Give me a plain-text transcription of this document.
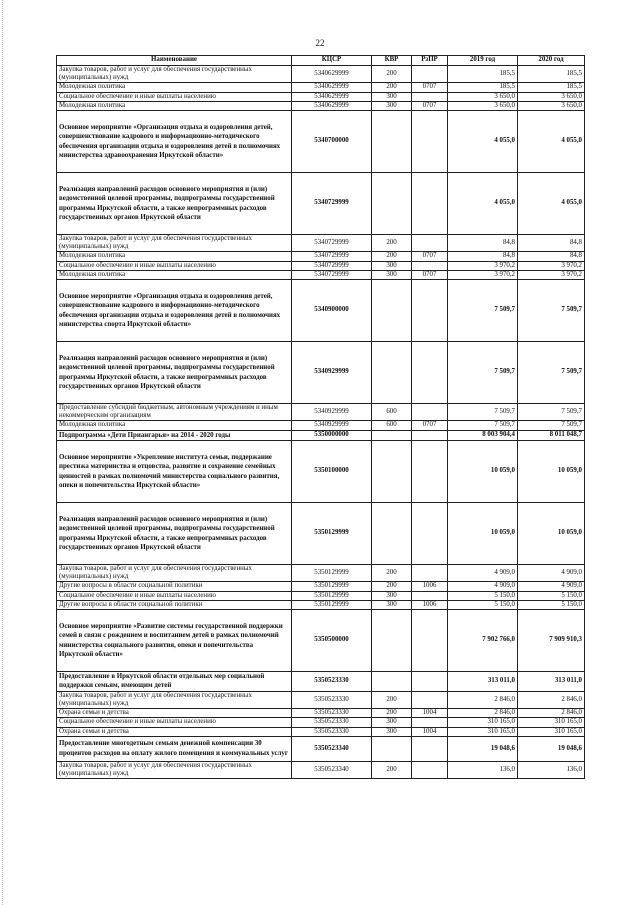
22
Наименование	КЦСР	КВР	РзПР	2019 год	2020 год
Закупка товаров, работ и услуг для обеспечения государственных (муниципальных) нужд	5340629999	200		185,5	185,5
Молодежная политика	5340629999	200	0707	185,5	185,5
Социальное обеспечение и иные выплаты населению	5340629999	300		3 650,0	3 650,0
Молодежная политика	5340629999	300	0707	3 650,0	3 650,0
Основное мероприятие «Организация отдыха и оздоровления детей, совершенствование кадрового и информационно-методического обеспечения организации отдыха и оздоровления детей в полномочиях министерства здравоохранения Иркутской области»	5340700000			4 055,0	4 055,0
Реализация направлений расходов основного мероприятия и (или) ведомственной целевой программы, подпрограммы государственной программы Иркутской области, а также непрограммных расходов государственных органов Иркутской области	5340729999			4 055,0	4 055,0
Закупка товаров, работ и услуг для обеспечения государственных (муниципальных) нужд	5340729999	200		84,8	84,8
Молодежная политика	5340729999	200	0707	84,8	84,8
Социальное обеспечение и иные выплаты населению	5340729999	300		3 970,2	3 970,2
Молодежная политика	5340729999	300	0707	3 970,2	3 970,2
Основное мероприятие «Организация отдыха и оздоровления детей, совершенствование кадрового и информационно-методического обеспечения организации отдыха и оздоровления детей в полномочиях министерства спорта Иркутской области»	5340900000			7 509,7	7 509,7
Реализация направлений расходов основного мероприятия и (или) ведомственной целевой программы, подпрограммы государственной программы Иркутской области, а также непрограммных расходов государственных органов Иркутской области	5340929999			7 509,7	7 509,7
Предоставление субсидий бюджетным, автономным учреждениям и иным некоммерческим организациям	5340929999	600		7 509,7	7 509,7
Молодежная политика	5340929999	600	0707	7 509,7	7 509,7
Подпрограмма «Дети Приангарья» на 2014 - 2020 годы	5350000000			8 003 904,4	8 011 048,7
Основное мероприятие «Укрепление института семьи, поддержание престижа материнства и отцовства, развитие и сохранение семейных ценностей в рамках полномочий министерства социального развития, опеки и попечительства Иркутской области»	5350100000			10 059,0	10 059,0
Реализация направлений расходов основного мероприятия и (или) ведомственной целевой программы, подпрограммы государственной программы Иркутской области, а также непрограммных расходов государственных органов Иркутской области	5350129999			10 059,0	10 059,0
Закупка товаров, работ и услуг для обеспечения государственных (муниципальных) нужд	5350129999	200		4 909,0	4 909,0
Другие вопросы в области социальной политики	5350129999	200	1006	4 909,0	4 909,0
Социальное обеспечение и иные выплаты населению	5350129999	300		5 150,0	5 150,0
Другие вопросы в области социальной политики	5350129999	300	1006	5 150,0	5 150,0
Основное мероприятие «Развитие системы государственной поддержки семей в связи с рождением и воспитанием детей в рамках полномочий министерства социального развития, опеки и попечительства Иркутской области»	5350500000			7 902 766,0	7 909 910,3
Предоставление в Иркутской области отдельных мер социальной поддержки семьям, имеющим детей	5350523330			313 011,0	313 011,0
Закупка товаров, работ и услуг для обеспечения государственных (муниципальных) нужд	5350523330	200		2 846,0	2 846,0
Охрана семьи и детства	5350523330	200	1004	2 846,0	2 846,0
Социальное обеспечение и иные выплаты населению	5350523330	300		310 165,0	310 165,0
Охрана семьи и детства	5350523330	300	1004	310 165,0	310 165,0
Предоставление многодетным семьям денежной компенсации 30 процентов расходов на оплату жилого помещения и коммунальных услуг	5350523340			19 048,6	19 048,6
Закупка товаров, работ и услуг для обеспечения государственных (муниципальных) нужд	5350523340	200		136,0	136,0
